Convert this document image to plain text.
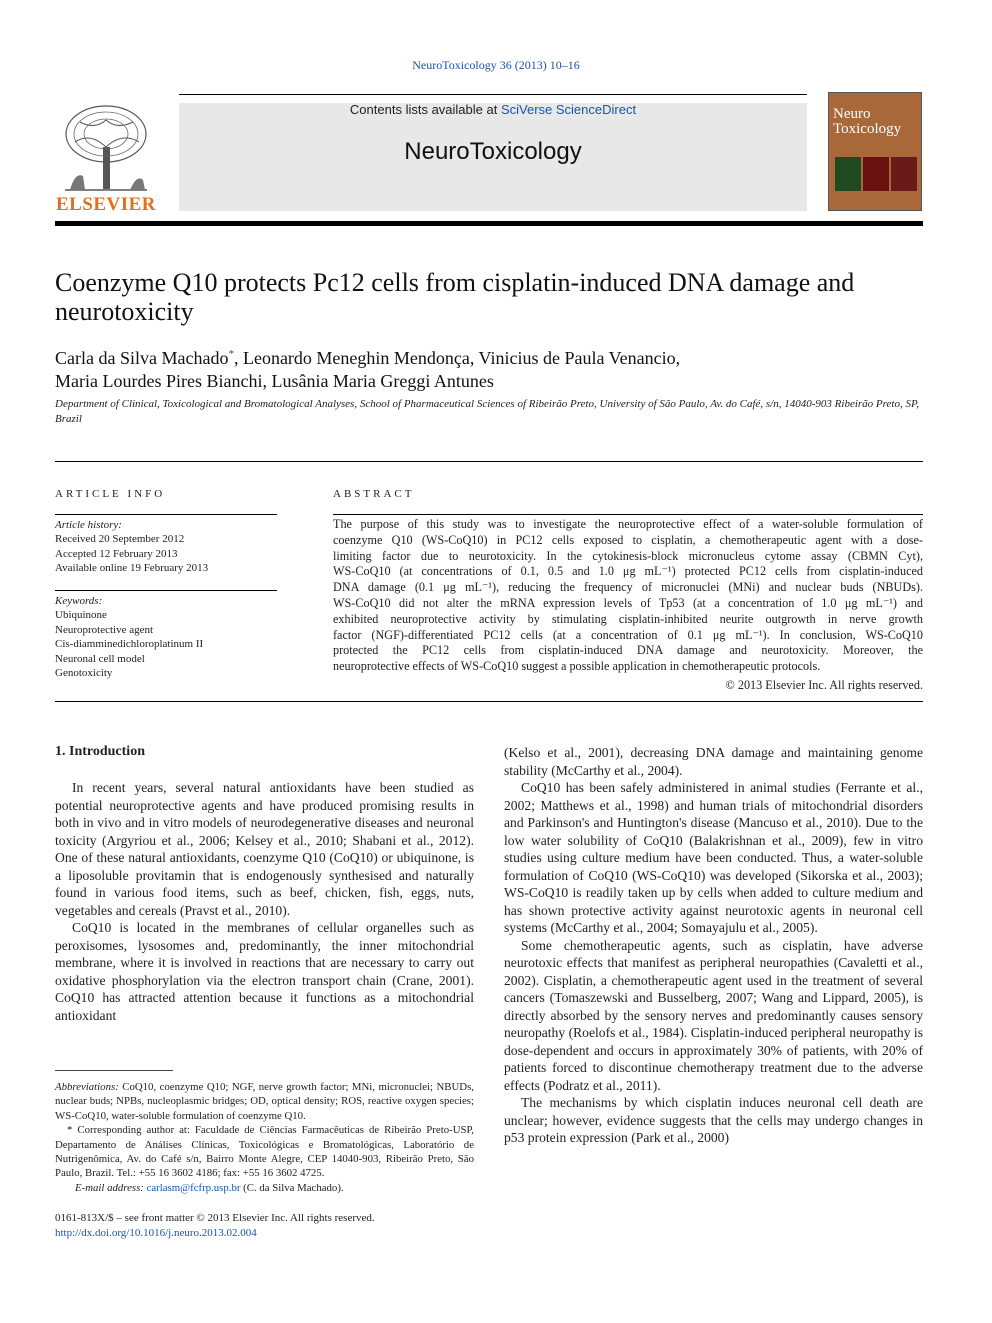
NeuroToxicology 36 (2013) 10–16
ELSEVIER
Contents lists available at SciVerse ScienceDirect
NeuroToxicology
Neuro
Toxicology
Coenzyme Q10 protects Pc12 cells from cisplatin-induced DNA damage and neurotoxicity
Carla da Silva Machado*, Leonardo Meneghin Mendonça, Vinicius de Paula Venancio,
Maria Lourdes Pires Bianchi, Lusânia Maria Greggi Antunes
Department of Clinical, Toxicological and Bromatological Analyses, School of Pharmaceutical Sciences of Ribeirão Preto, University of São Paulo, Av. do Café, s/n, 14040-903 Ribeirão Preto, SP, Brazil
ARTICLE INFO
Article history:
Received 20 September 2012
Accepted 12 February 2013
Available online 19 February 2013
Keywords:
Ubiquinone
Neuroprotective agent
Cis-diamminedichloroplatinum II
Neuronal cell model
Genotoxicity
ABSTRACT
The purpose of this study was to investigate the neuroprotective effect of a water-soluble formulation of
coenzyme Q10 (WS-CoQ10) in PC12 cells exposed to cisplatin, a chemotherapeutic agent with a dose-
limiting factor due to neurotoxicity. In the cytokinesis-block micronucleus cytome assay (CBMN Cyt),
WS-CoQ10 (at concentrations of 0.1, 0.5 and 1.0 μg mL⁻¹) protected PC12 cells from cisplatin-induced
DNA damage (0.1 μg mL⁻¹), reducing the frequency of micronuclei (MNi) and nuclear buds (NBUDs).
WS-CoQ10 did not alter the mRNA expression levels of Tp53 (at a concentration of 1.0 μg mL⁻¹) and
exhibited neuroprotective activity by stimulating cisplatin-inhibited neurite outgrowth in nerve growth
factor (NGF)-differentiated PC12 cells (at a concentration of 0.1 μg mL⁻¹). In conclusion, WS-CoQ10
protected the PC12 cells from cisplatin-induced DNA damage and neurotoxicity. Moreover, the
neuroprotective effects of WS-CoQ10 suggest a possible application in chemotherapeutic protocols.
© 2013 Elsevier Inc. All rights reserved.
1. Introduction

In recent years, several natural antioxidants have been studied as potential neuroprotective agents and have produced promising results in both in vivo and in vitro models of neurodegenerative diseases and neuronal toxicity (Argyriou et al., 2006; Kelsey et al., 2010; Shabani et al., 2012). One of these natural antioxidants, coenzyme Q10 (CoQ10) or ubiquinone, is a liposoluble provitamin that is endogenously synthesised and naturally found in various food items, such as beef, chicken, fish, eggs, nuts, vegetables and cereals (Pravst et al., 2010).

CoQ10 is located in the membranes of cellular organelles such as peroxisomes, lysosomes and, predominantly, the inner mitochondrial membrane, where it is involved in reactions that are necessary to carry out oxidative phosphorylation via the electron transport chain (Crane, 2001). CoQ10 has attracted attention because it functions as a mitochondrial antioxidant

Abbreviations: CoQ10, coenzyme Q10; NGF, nerve growth factor; MNi, micronuclei; NBUDs, nuclear buds; NPBs, nucleoplasmic bridges; OD, optical density; ROS, reactive oxygen species; WS-CoQ10, water-soluble formulation of coenzyme Q10.
* Corresponding author at: Faculdade de Ciências Farmacêuticas de Ribeirão Preto-USP, Departamento de Análises Clínicas, Toxicológicas e Bromatológicas, Laboratório de Nutrigenômica, Av. do Café s/n, Bairro Monte Alegre, CEP 14040-903, Ribeirão Preto, São Paulo, Brazil. Tel.: +55 16 3602 4186; fax: +55 16 3602 4725.
E-mail address: carlasm@fcfrp.usp.br (C. da Silva Machado).
0161-813X/$ – see front matter © 2013 Elsevier Inc. All rights reserved.
http://dx.doi.org/10.1016/j.neuro.2013.02.004

(Kelso et al., 2001), decreasing DNA damage and maintaining genome stability (McCarthy et al., 2004).

CoQ10 has been safely administered in animal studies (Ferrante et al., 2002; Matthews et al., 1998) and human trials of mitochondrial disorders and Parkinson's and Huntington's disease (Mancuso et al., 2010). Due to the low water solubility of CoQ10 (Balakrishnan et al., 2009), few in vitro studies using culture medium have been conducted. Thus, a water-soluble formulation of CoQ10 (WS-CoQ10) was developed (Sikorska et al., 2003); WS-CoQ10 is readily taken up by cells when added to culture medium and has shown protective activity against neurotoxic agents in neuronal cell systems (McCarthy et al., 2004; Somayajulu et al., 2005).

Some chemotherapeutic agents, such as cisplatin, have adverse neurotoxic effects that manifest as peripheral neuropathies (Cavaletti et al., 2002). Cisplatin, a chemotherapeutic agent used in the treatment of several cancers (Tomaszewski and Busselberg, 2007; Wang and Lippard, 2005), is directly absorbed by the sensory nerves and predominantly causes sensory neuropathy (Roelofs et al., 1984). Cisplatin-induced peripheral neuropathy is dose-dependent and occurs in approximately 30% of patients, with 20% of patients forced to discontinue chemotherapy treatment due to the adverse effects (Podratz et al., 2011).

The mechanisms by which cisplatin induces neuronal cell death are unclear; however, evidence suggests that the cells may undergo changes in p53 protein expression (Park et al., 2000)
